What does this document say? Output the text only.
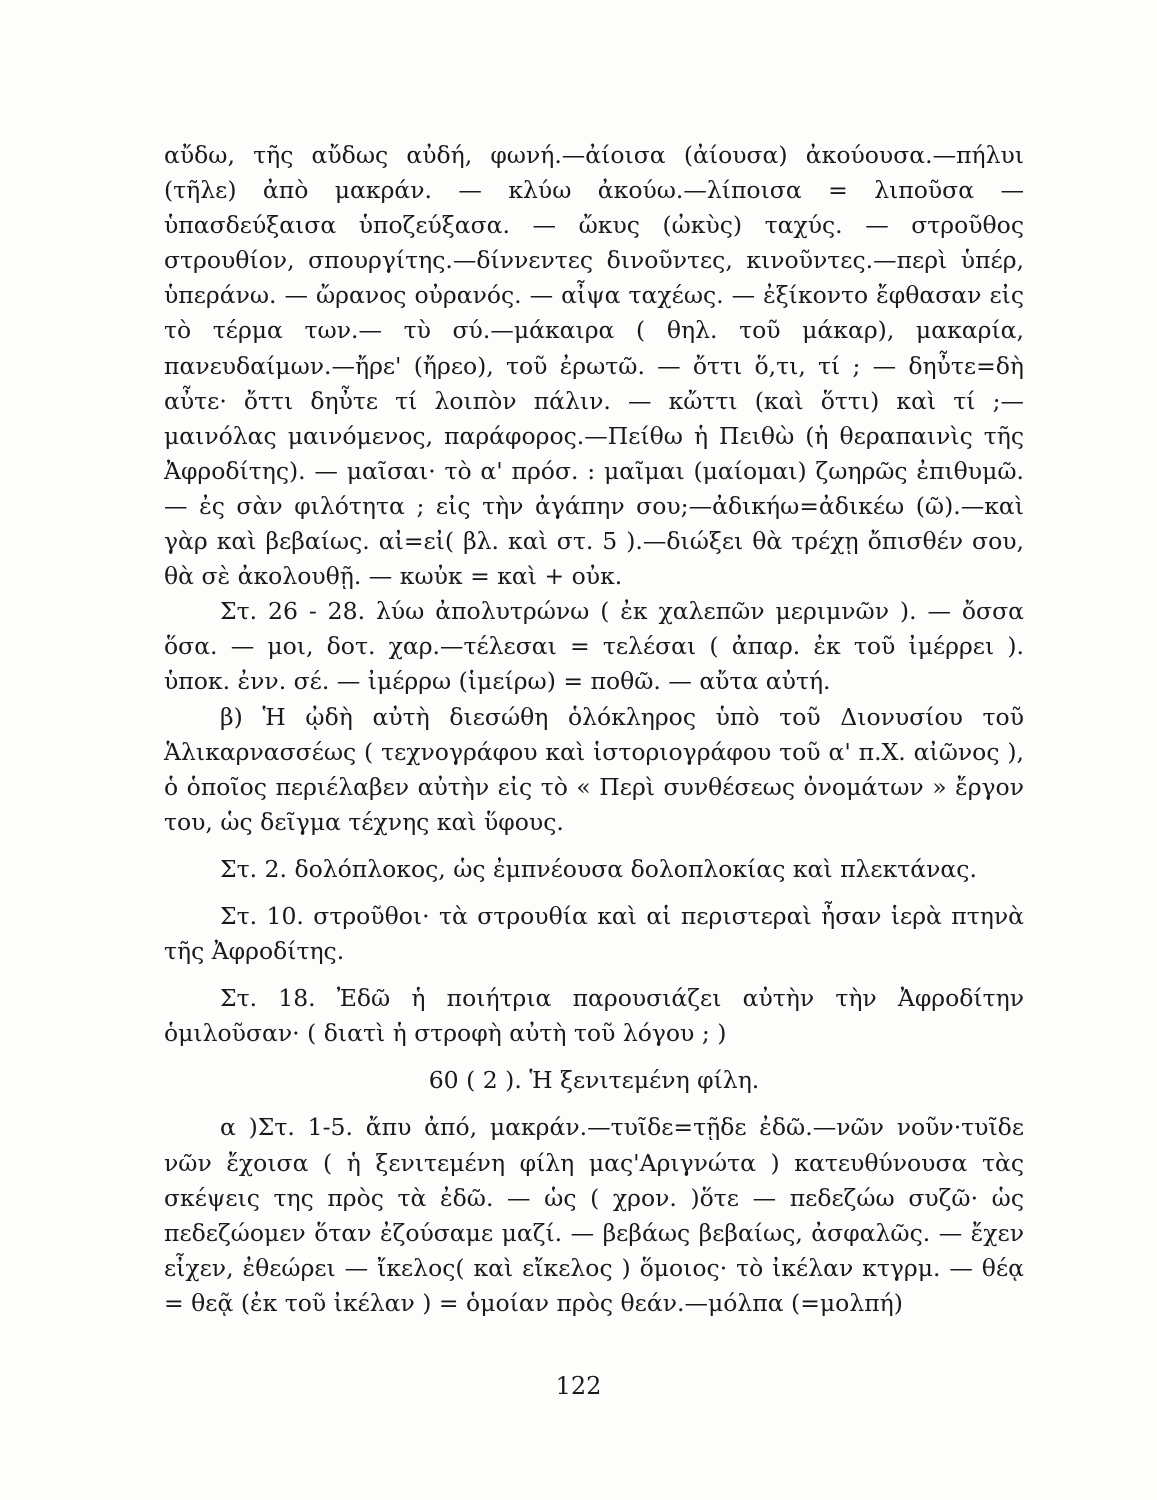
αὔδω, τῆς αὔδως αὐδή, φωνή.—ἀίοισα (ἀίουσα) ἀκούουσα.—πήλυι (τῆλε) ἀπὸ μακράν. — κλύω ἀκούω.—λίποισα = λιποῦσα — ὑπασδεύξαισα ὑποζεύξασα. — ὤκυς (ὠκὺς) ταχύς. — στροῦθος στρουθίον, σπουργίτης.—δίννεντες δινοῦντες, κινοῦντες.—περὶ ὑπέρ, ὑπεράνω. — ὤρανος οὐρανός. — αἶψα ταχέως. — ἐξίκοντο ἔφθασαν εἰς τὸ τέρμα των.— τὺ σύ.—μάκαιρα ( θηλ. τοῦ μάκαρ), μακαρία, πανευδαίμων.—ἤρε' (ἤρεο), τοῦ ἐρωτῶ. — ὄττι ὅ,τι, τί ; — δηὖτε=δὴ αὖτε· ὄττι δηὖτε τί λοιπὸν πάλιν. — κὤττι (καὶ ὅττι) καὶ τί ;— μαινόλας μαινόμενος, παράφορος.—Πείθω ἡ Πειθὼ (ἡ θεραπαινὶς τῆς Ἀφροδίτης). — μαῖσαι· τὸ α' πρόσ. : μαῖμαι (μαίομαι) ζωηρῶς ἐπιθυμῶ. — ἐς σὰν φιλότητα ; εἰς τὴν ἀγάπην σου;—ἀδικήω=ἀδικέω (ῶ).—καὶ γὰρ καὶ βεβαίως. αἰ=εἰ( βλ. καὶ στ. 5 ).—διώξει θὰ τρέχῃ ὄπισθέν σου, θὰ σὲ ἀκολουθῇ. — κωὐκ = καὶ + οὐκ.

Στ. 26 - 28. λύω ἀπολυτρώνω ( ἐκ χαλεπῶν μεριμνῶν ). — ὄσσα ὅσα. — μοι, δοτ. χαρ.—τέλεσαι = τελέσαι ( ἀπαρ. ἐκ τοῦ ἰμέρρει ). ὑποκ. ἐνν. σέ. — ἰμέρρω (ἱμείρω) = ποθῶ. — αὔτα αὐτή.

β) Ἡ ᾠδὴ αὐτὴ διεσώθη ὁλόκληρος ὑπὸ τοῦ Διονυσίου τοῦ Ἁλικαρνασσέως ( τεχνογράφου καὶ ἱστοριογράφου τοῦ α' π.Χ. αἰῶνος ), ὁ ὁποῖος περιέλαβεν αὐτὴν εἰς τὸ « Περὶ συνθέσεως ὀνομάτων » ἔργον του, ὡς δεῖγμα τέχνης καὶ ὕφους.

Στ. 2. δολόπλοκος, ὡς ἐμπνέουσα δολοπλοκίας καὶ πλεκτάνας.

Στ. 10. στροῦθοι· τὰ στρουθία καὶ αἱ περιστεραὶ ἦσαν ἱερὰ πτηνὰ τῆς Ἀφροδίτης.

Στ. 18. Ἐδῶ ἡ ποιήτρια παρουσιάζει αὐτὴν τὴν Ἀφροδίτην ὁμιλοῦσαν· ( διατὶ ἡ στροφὴ αὐτὴ τοῦ λόγου ; )

60 ( 2 ). Ἡ ξενιτεμένη φίλη.

α )Στ. 1-5. ἄπυ ἀπό, μακράν.—τυῖδε=τῇδε ἐδῶ.—νῶν νοῦν·τυῖδε νῶν ἔχοισα ( ἡ ξενιτεμένη φίλη μας'Αριγνώτα ) κατευθύνουσα τὰς σκέψεις της πρὸς τὰ ἐδῶ. — ὡς ( χρον. )ὅτε — πεδεζώω συζῶ· ὡς πεδεζώομεν ὅταν ἐζούσαμε μαζί. — βεβάως βεβαίως, ἀσφαλῶς. — ἔχεν εἶχεν, ἐθεώρει — ἴκελος( καὶ εἴκελος ) ὅμοιος· τὸ ἰκέλαν κτγρμ. — θέᾳ = θεᾷ (ἐκ τοῦ ἰκέλαν ) = ὁμοίαν πρὸς θεάν.—μόλπα (=μολπή)

122
